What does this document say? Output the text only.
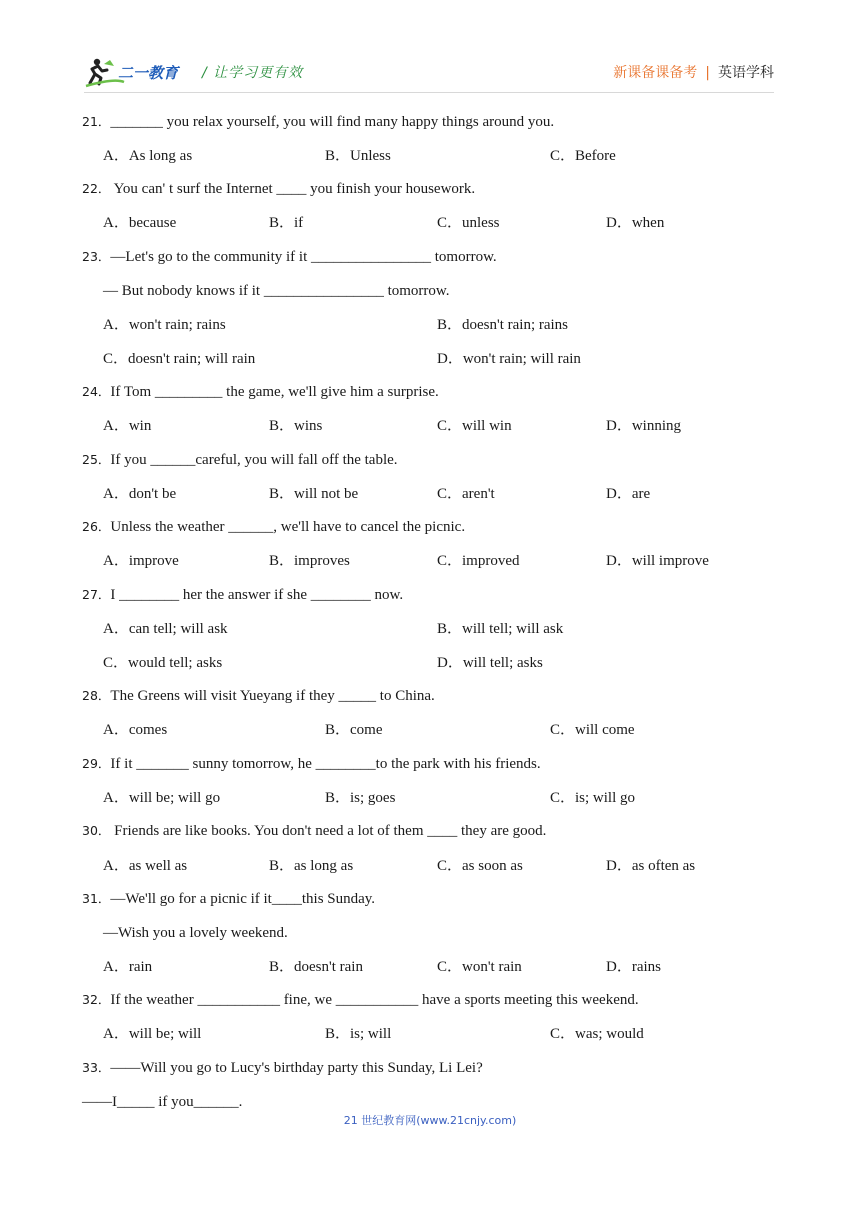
二一教育 / 让学习更有效	新课备课备考 | 英语学科
21．_______ you relax yourself, you will find many happy things around you.
A．As long as	B．Unless	C．Before
22． You can' t surf the Internet ____ you finish your housework.
A．because	B．if	C．unless	D．when
23．—Let's go to the community if it ________________ tomorrow.
— But nobody knows if it ________________ tomorrow.
A．won't rain; rains	B．doesn't rain; rains
C．doesn't rain; will rain	D．won't rain; will rain
24．If Tom _________ the game, we'll give him a surprise.
A．win	B．wins	C．will win	D．winning
25．If you ______careful, you will fall off the table.
A．don't be	B．will not be	C．aren't	D．are
26．Unless the weather ______, we'll have to cancel the picnic.
A．improve	B．improves	C．improved	D．will improve
27．I ________ her the answer if she ________ now.
A．can tell; will ask	B．will tell; will ask
C．would tell; asks	D．will tell; asks
28．The Greens will visit Yueyang if they _____ to China.
A．comes	B．come	C．will come
29．If it _______ sunny tomorrow, he ________to the park with his friends.
A．will be; will go	B．is; goes	C．is; will go
30． Friends are like books. You don't need a lot of them ____ they are good.
A．as well as	B．as long as	C．as soon as	D．as often as
31．—We'll go for a picnic if it____this Sunday.
—Wish you a lovely weekend.
A．rain	B．doesn't rain	C．won't rain	D．rains
32．If the weather ___________ fine, we ___________ have a sports meeting this weekend.
A．will be; will	B．is; will	C．was; would
33．——Will you go to Lucy's birthday party this Sunday, Li Lei?
——I_____ if you______.
21 世纪教育网(www.21cnjy.com)
